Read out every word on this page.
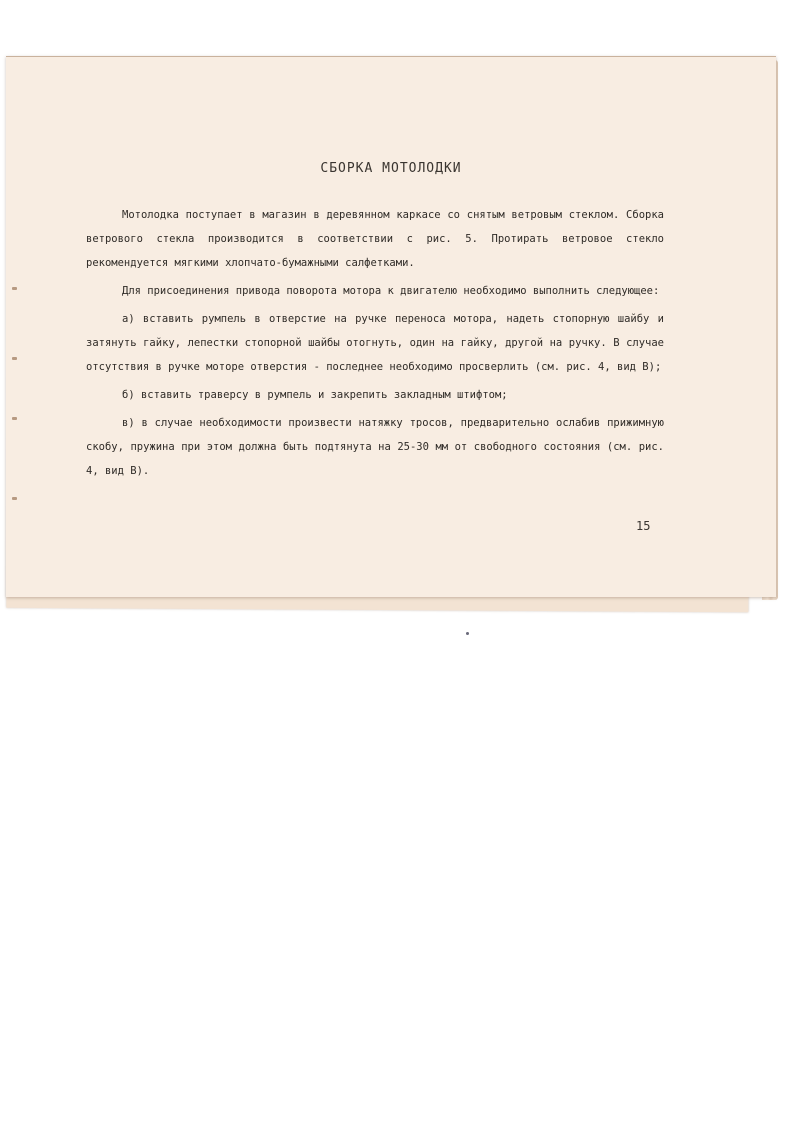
СБОРКА МОТОЛОДКИ

Мотолодка поступает в магазин в деревянном каркасе со снятым ветровым стеклом. Сборка ветрового стекла производится в соответствии с рис. 5. Протирать ветровое стекло рекомендуется мягкими хлопчато-бумажными салфетками.

Для присоединения привода поворота мотора к двигателю необходимо выполнить следующее:

а) вставить румпель в отверстие на ручке переноса мотора, надеть стопорную шайбу и затянуть гайку, лепестки стопорной шайбы отогнуть, один на гайку, другой на ручку. В случае отсутствия в ручке моторе отверстия - последнее необходимо просверлить (см. рис. 4, вид В);

б) вставить траверсу в румпель и закрепить закладным штифтом;

в) в случае необходимости произвести натяжку тросов, предварительно ослабив прижимную скобу, пружина при этом должна быть подтянута на 25-30 мм от свободного состояния (см. рис. 4, вид В).

15
